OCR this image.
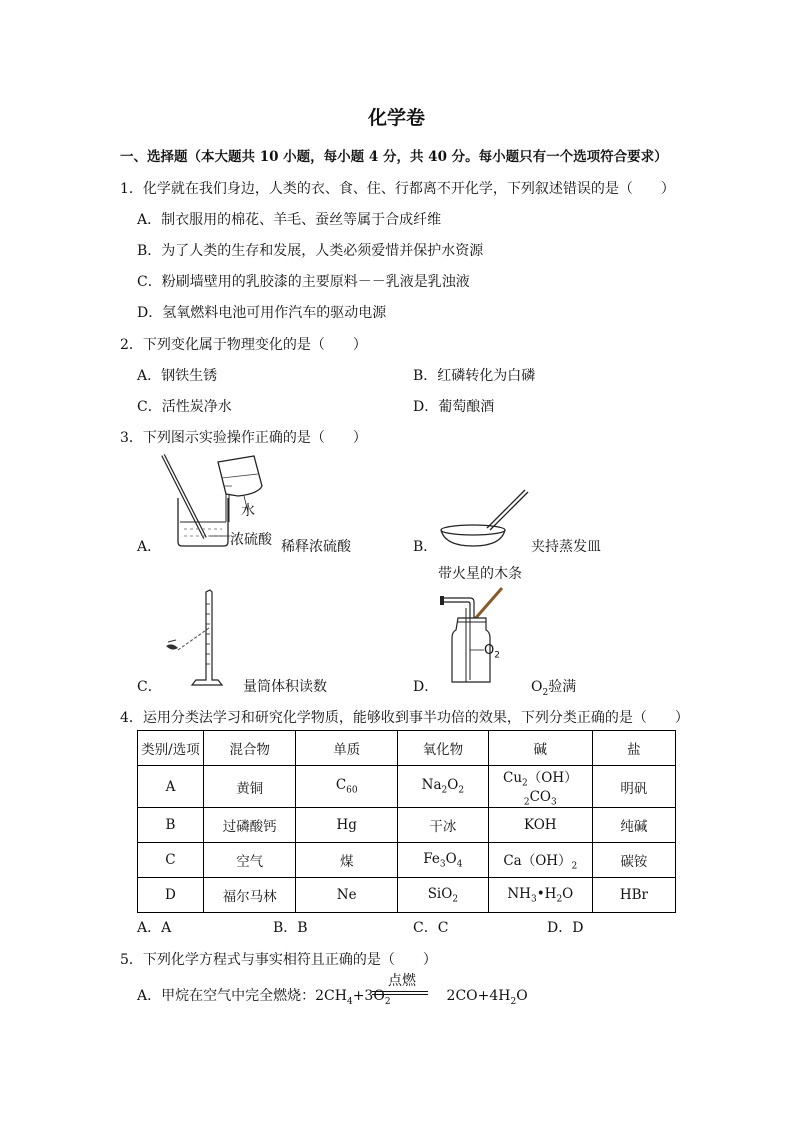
化学卷
一、选择题（本大题共 10 小题，每小题 4 分，共 40 分。每小题只有一个选项符合要求）
1．化学就在我们身边，人类的衣、食、住、行都离不开化学，下列叙述错误的是（　　）
A．制衣服用的棉花、羊毛、蚕丝等属于合成纤维
B．为了人类的生存和发展，人类必须爱惜并保护水资源
C．粉刷墙壁用的乳胶漆的主要原料－－乳液是乳浊液
D．氢氧燃料电池可用作汽车的驱动电源
2．下列变化属于物理变化的是（　　）
A．钢铁生锈	B．红磷转化为白磷
C．活性炭净水	D．葡萄酿酒
3．下列图示实验操作正确的是（　　）
A．
水
浓硫酸 稀释浓硫酸	B．	夹持蒸发皿
C．	量筒体积读数
带火星的木条
$O_2$
D．	$O_2$验满
4．运用分类法学习和研究化学物质，能够收到事半功倍的效果，下列分类正确的是（　　）
类别/选项	混合物	单质	氧化物	碱	盐
A	黄铜	$C_{60}$	$Na_2O_2$	$Cu_2(OH)_2CO_3$	明矾
B	过磷酸钙	Hg	干冰	KOH	纯碱
C	空气	煤	$Fe_3O_4$	$Ca(OH)_2$	碳铵
D	福尔马林	Ne	SiO$_2$	$NH_3•H_2O$	HBr
A．A	B．B	C．C	D．D
5．下列化学方程式与事实相符且正确的是（　　）
A．甲烷在空气中完全燃烧：$2CH_4+3O_2$	$2CO+4H_2O$
点燃
